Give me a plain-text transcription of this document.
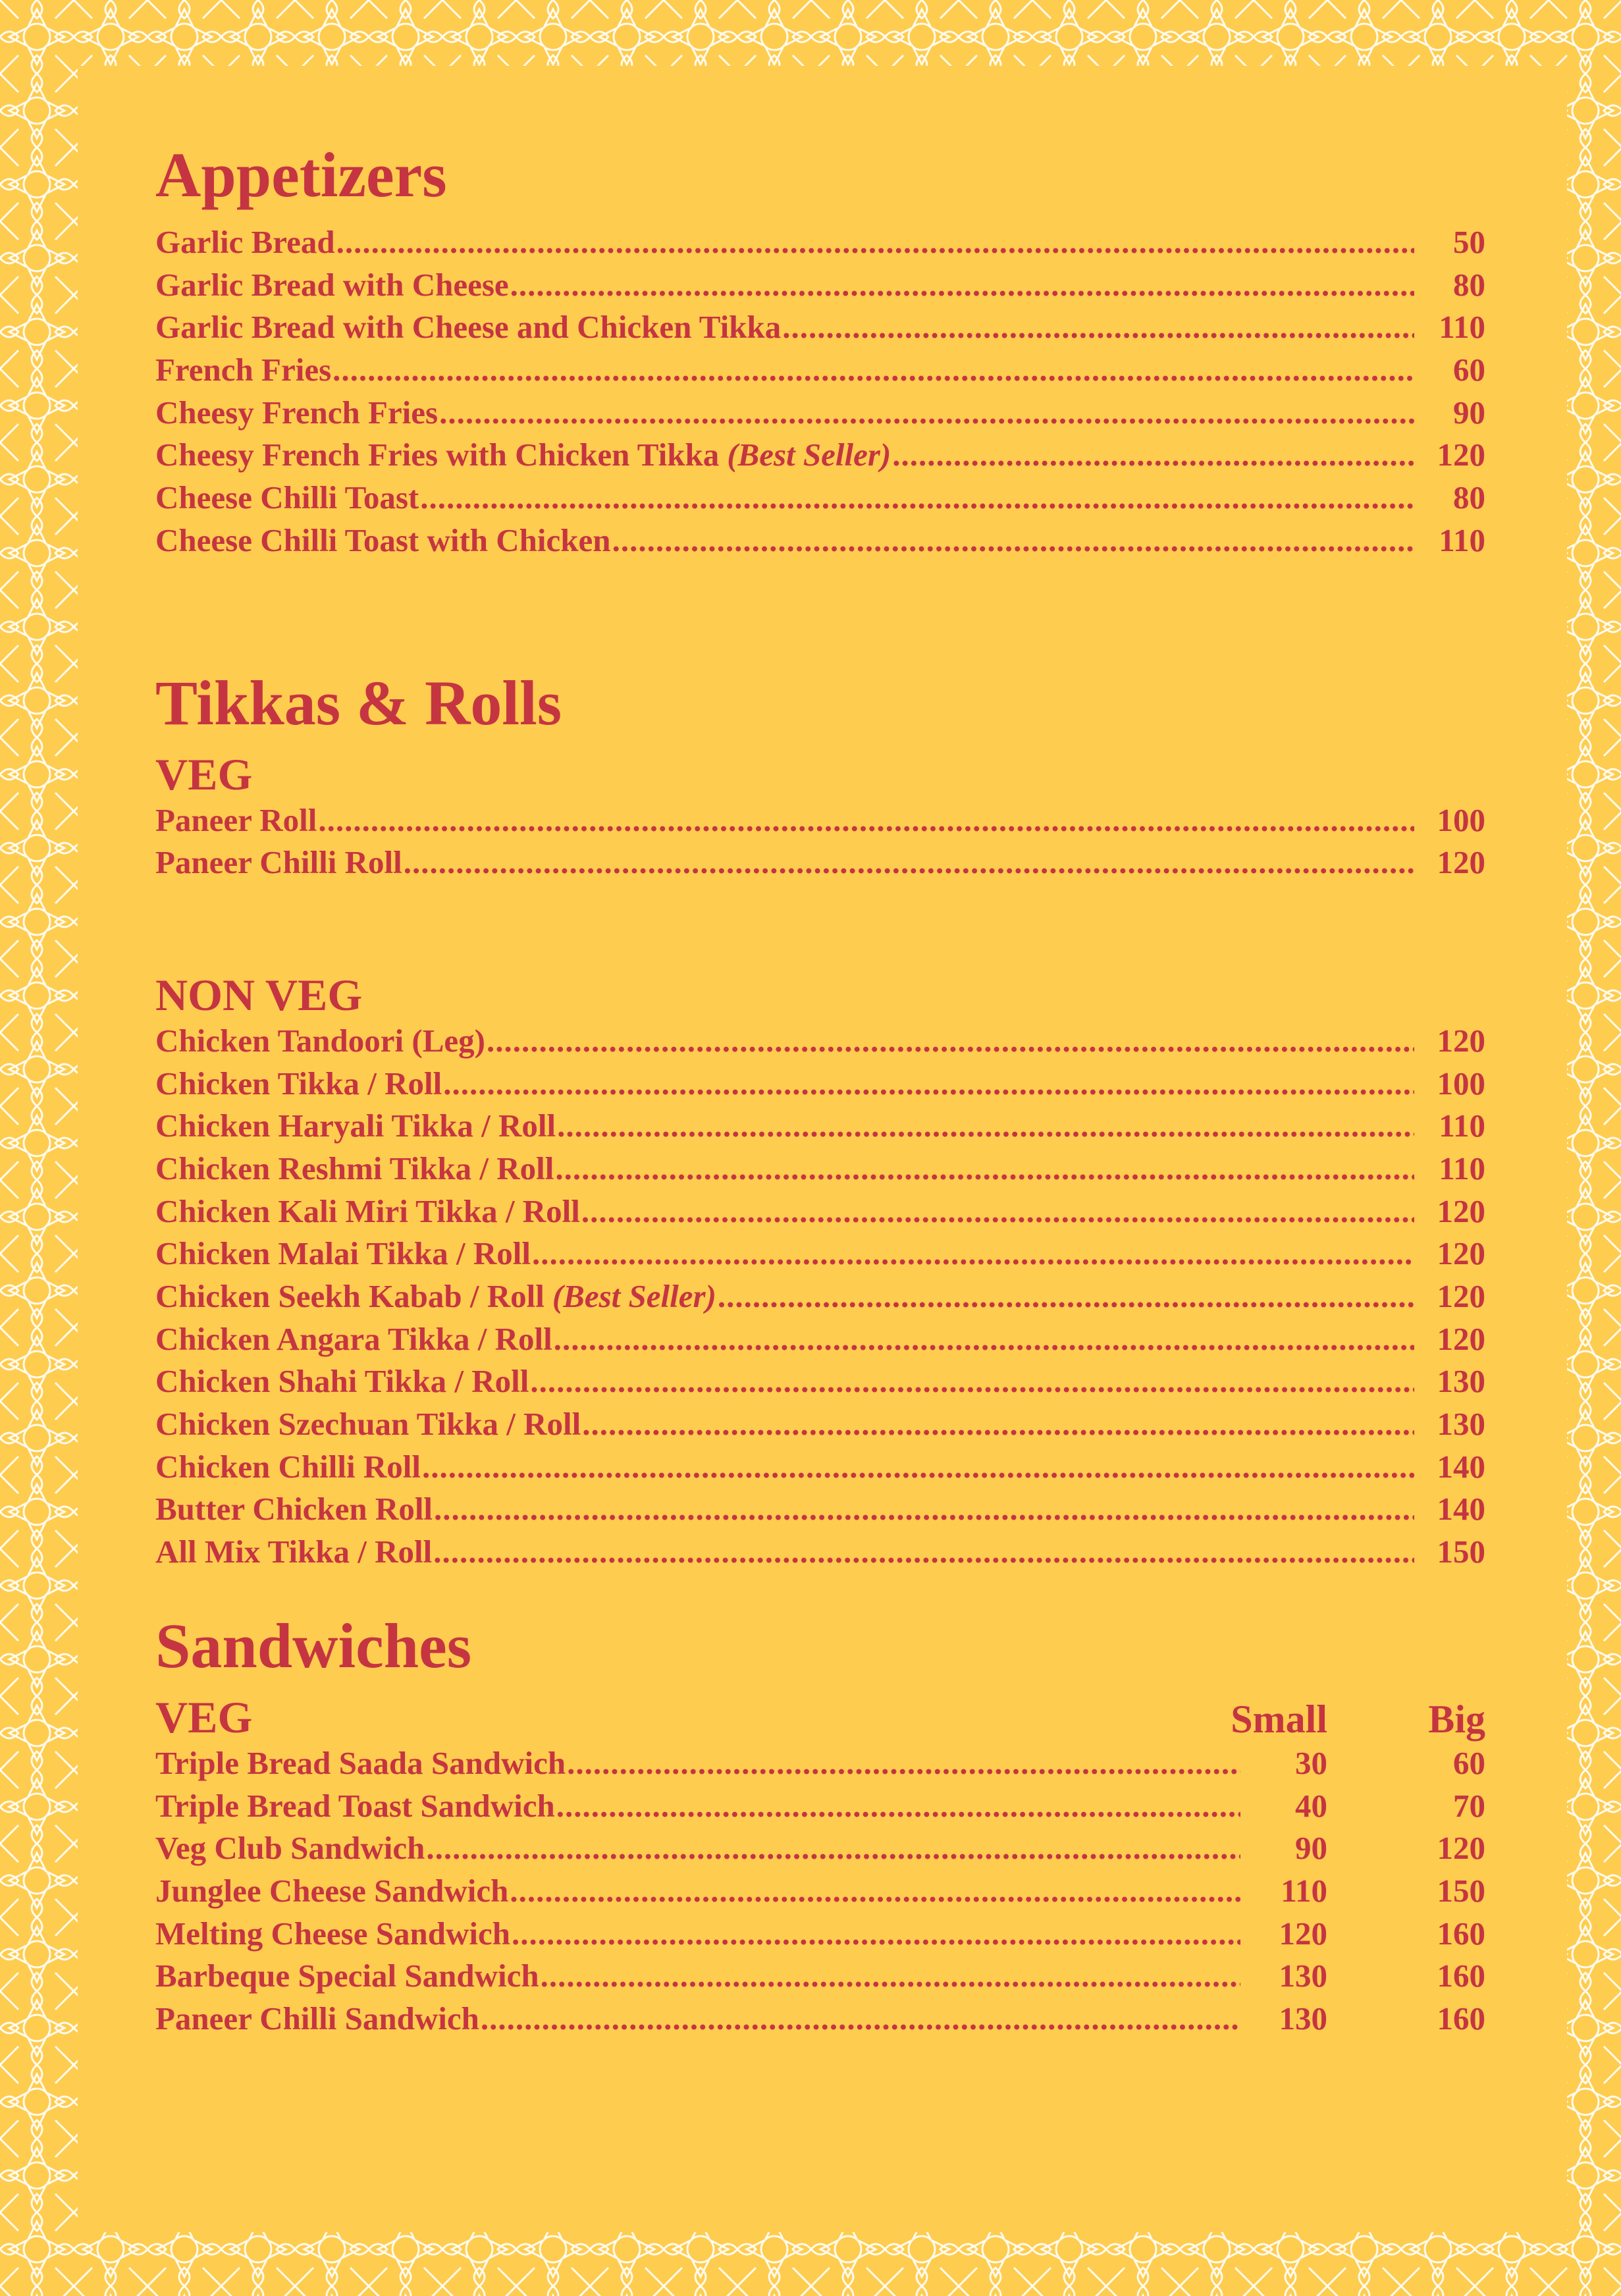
Appetizers
Garlic Bread .....	50
Garlic Bread with Cheese .....	80
Garlic Bread with Cheese and Chicken Tikka .....	110
French Fries .....	60
Cheesy French Fries .....	90
Cheesy French Fries with Chicken Tikka (Best Seller) .....	120
Cheese Chilli Toast .....	80
Cheese Chilli Toast with Chicken .....	110
Tikkas & Rolls
VEG
Paneer Roll .....	100
Paneer Chilli Roll .....	120
NON VEG
Chicken Tandoori (Leg) .....	120
Chicken Tikka / Roll .....	100
Chicken Haryali Tikka / Roll .....	110
Chicken Reshmi Tikka / Roll .....	110
Chicken Kali Miri Tikka / Roll .....	120
Chicken Malai Tikka / Roll .....	120
Chicken Seekh Kabab / Roll (Best Seller) .....	120
Chicken Angara Tikka / Roll .....	120
Chicken Shahi Tikka / Roll .....	130
Chicken Szechuan Tikka / Roll .....	130
Chicken Chilli Roll .....	140
Butter Chicken Roll .....	140
All Mix Tikka / Roll .....	150
Sandwiches
VEG	Small	Big
Triple Bread Saada Sandwich .....	30	60
Triple Bread Toast Sandwich .....	40	70
Veg Club Sandwich .....	90	120
Junglee Cheese Sandwich .....	110	150
Melting Cheese Sandwich .....	120	160
Barbeque Special Sandwich .....	130	160
Paneer Chilli Sandwich .....	130	160
